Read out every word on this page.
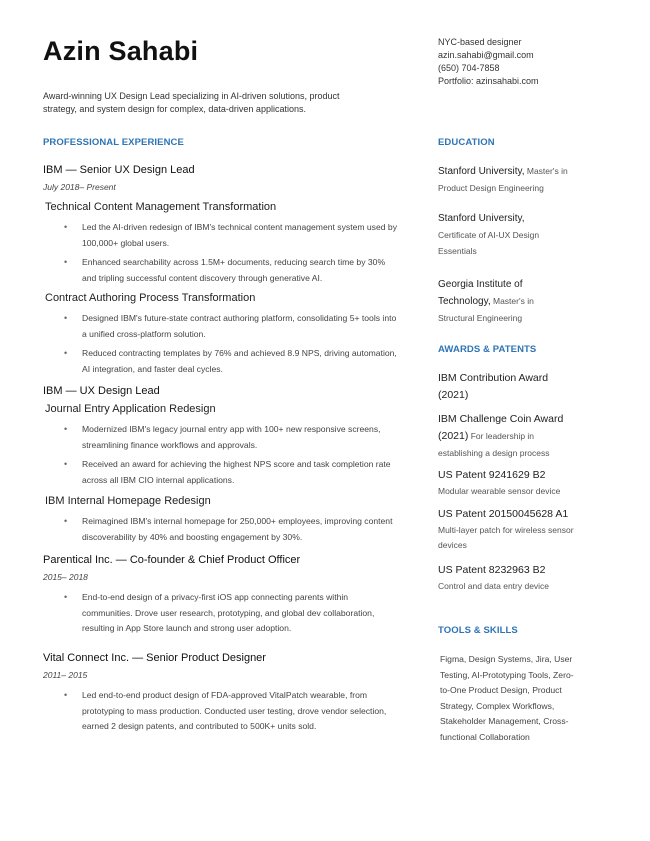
Azin Sahabi
Award-winning UX Design Lead specializing in AI-driven solutions, product strategy, and system design for complex, data-driven applications.
NYC-based designer
azin.sahabi@gmail.com
(650) 704-7858
Portfolio: azinsahabi.com
PROFESSIONAL EXPERIENCE
IBM — Senior UX Design Lead
July 2018– Present
Technical Content Management Transformation
• Led the AI-driven redesign of IBM's technical content management system used by 100,000+ global users.
• Enhanced searchability across 1.5M+ documents, reducing search time by 30% and tripling successful content discovery through generative AI.
Contract Authoring Process Transformation
• Designed IBM's future-state contract authoring platform, consolidating 5+ tools into a unified cross-platform solution.
• Reduced contracting templates by 76% and achieved 8.9 NPS, driving automation, AI integration, and faster deal cycles.
IBM — UX Design Lead
Journal Entry Application Redesign
• Modernized IBM's legacy journal entry app with 100+ new responsive screens, streamlining finance workflows and approvals.
• Received an award for achieving the highest NPS score and task completion rate across all IBM CIO internal applications.
IBM Internal Homepage Redesign
• Reimagined IBM's internal homepage for 250,000+ employees, improving content discoverability by 40% and boosting engagement by 30%.
Parentical Inc. — Co-founder & Chief Product Officer
2015– 2018
• End-to-end design of a privacy-first iOS app connecting parents within communities. Drove user research, prototyping, and global dev collaboration, resulting in App Store launch and strong user adoption.
Vital Connect Inc. — Senior Product Designer
2011– 2015
• Led end-to-end product design of FDA-approved VitalPatch wearable, from prototyping to mass production. Conducted user testing, drove vendor selection, earned 2 design patents, and contributed to 500K+ units sold.
EDUCATION
Stanford University, Master's in Product Design Engineering
Stanford University,
Certificate of AI-UX Design Essentials
Georgia Institute of Technology, Master's in Structural Engineering
AWARDS & PATENTS
IBM Contribution Award (2021)
IBM Challenge Coin Award (2021) For leadership in establishing a design process
US Patent 9241629 B2
Modular wearable sensor device
US Patent 20150045628 A1
Multi-layer patch for wireless sensor devices
US Patent 8232963 B2
Control and data entry device
TOOLS & SKILLS
Figma, Design Systems, Jira, User Testing, AI-Prototyping Tools, Zero-to-One Product Design, Product Strategy, Complex Workflows, Stakeholder Management, Cross-functional Collaboration
